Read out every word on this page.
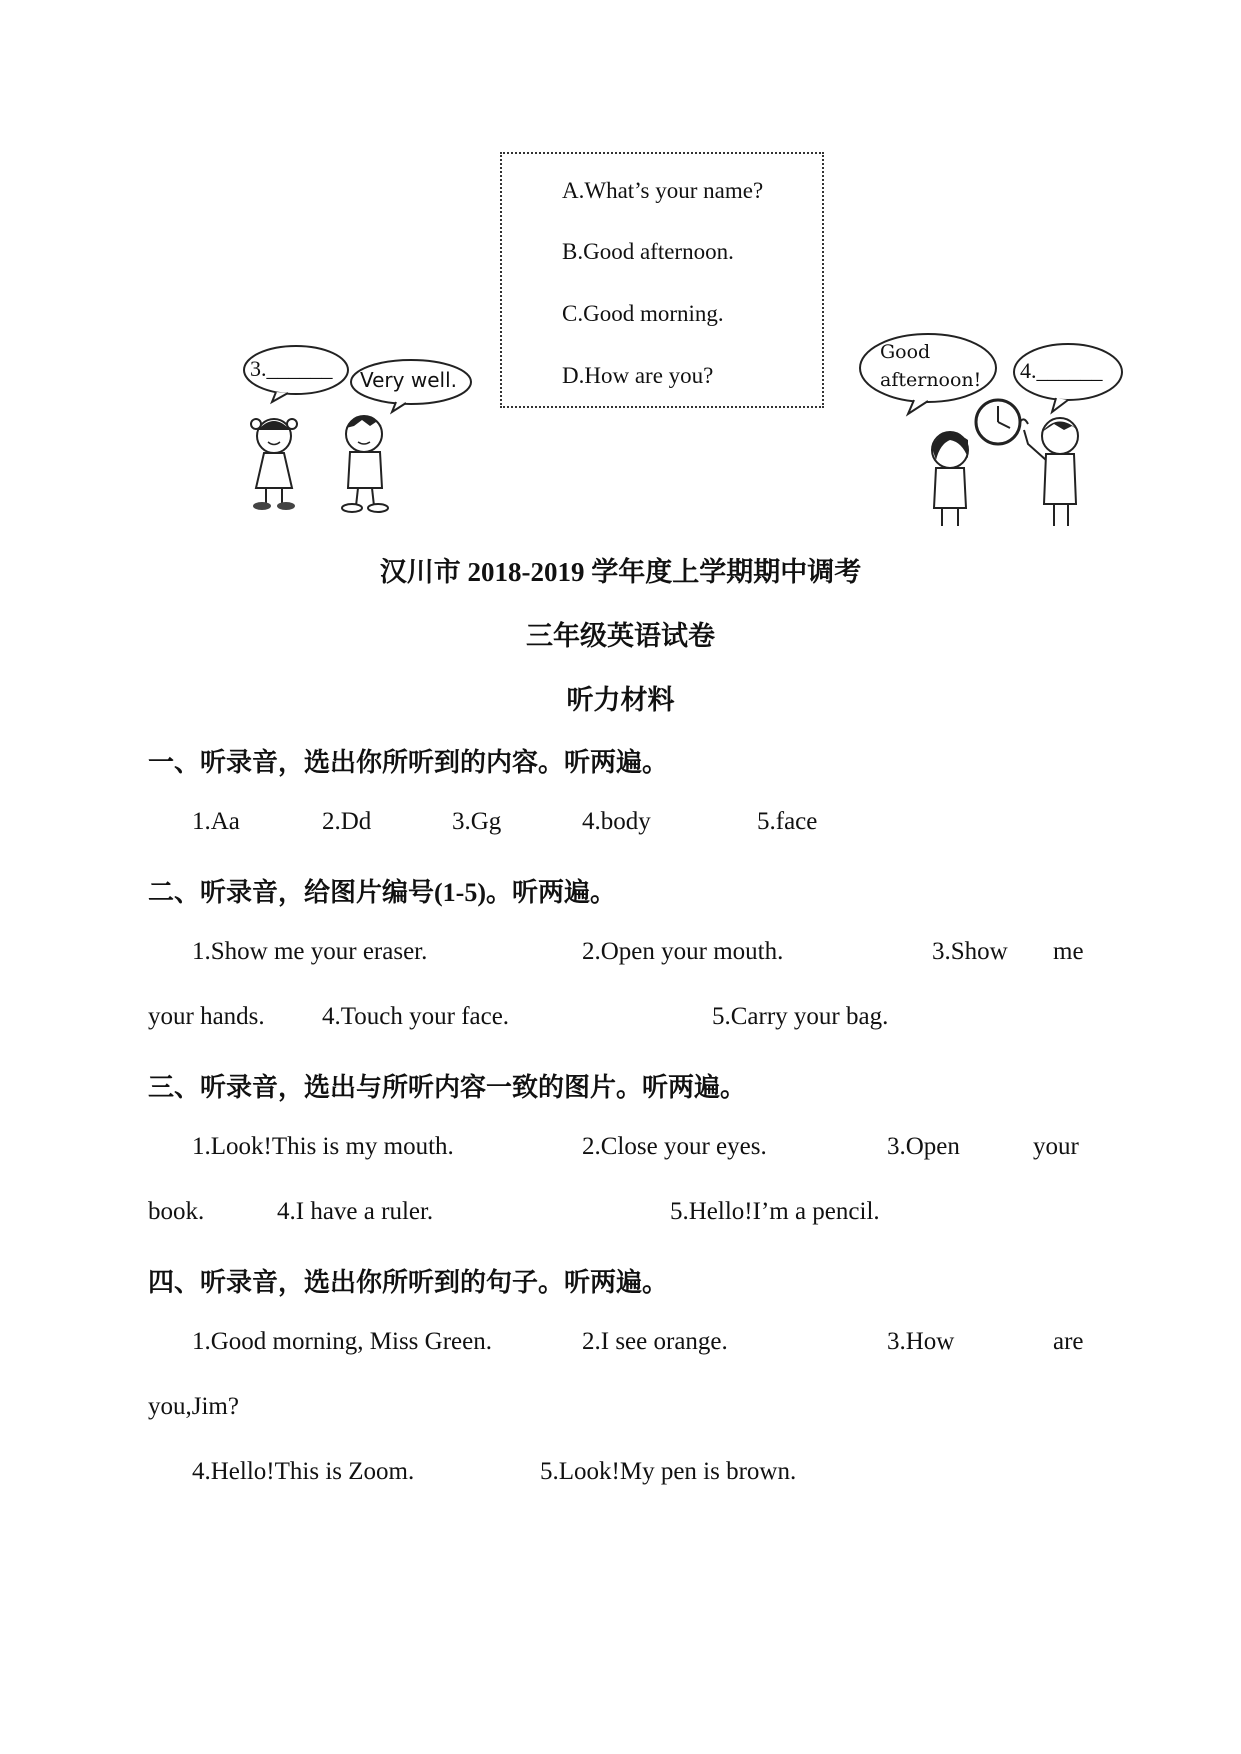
A.What’s your name?
B.Good afternoon.
C.Good morning.
D.How are you?
3.______ Very well.
Good
afternoon! 4.______
汉川市 2018-2019 学年度上学期期中调考
三年级英语试卷
听力材料
一、听录音，选出你所听到的内容。听两遍。
1.Aa	2.Dd	3.Gg	4.body	5.face
二、听录音，给图片编号(1-5)。听两遍。
1.Show me your eraser.	2.Open your mouth.	3.Show me
your hands. 4.Touch your face.	5.Carry your bag.
三、听录音，选出与所听内容一致的图片。听两遍。
1.Look!This is my mouth.	2.Close your eyes.	3.Open	your
book.	4.I have a ruler.	5.Hello!I’m a pencil.
四、听录音，选出你所听到的句子。听两遍。
1.Good morning, Miss Green.	2.I see orange.	3.How	are
you,Jim?
4.Hello!This is Zoom.	5.Look!My pen is brown.
